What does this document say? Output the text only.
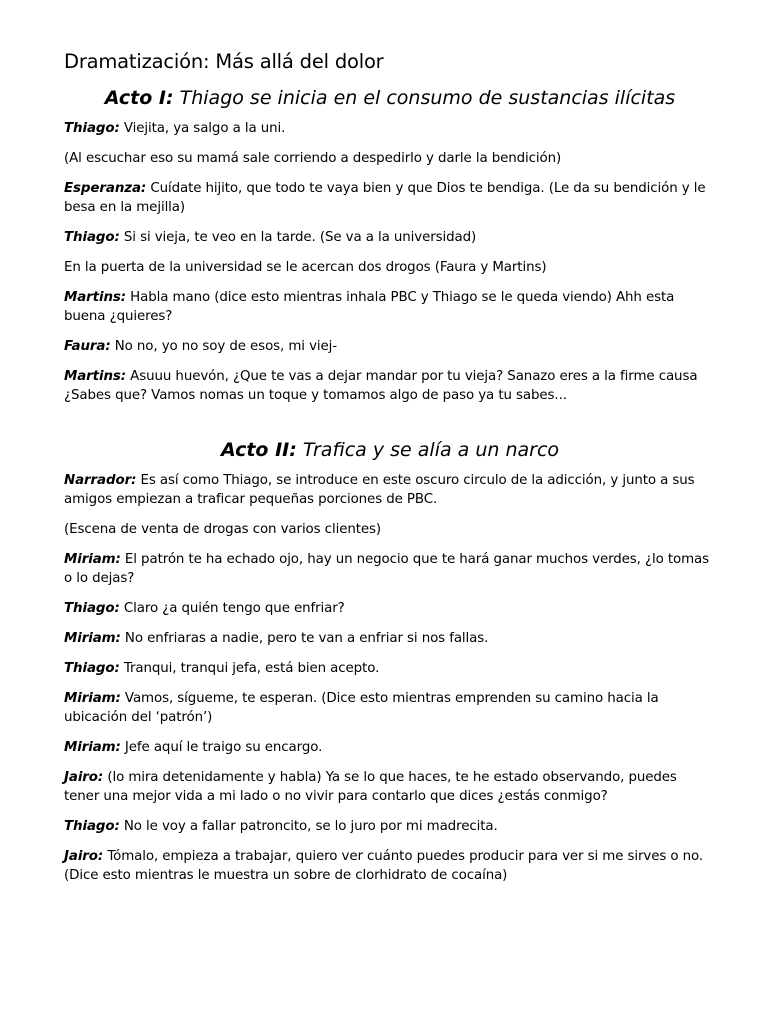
Dramatización: Más allá del dolor
Acto I: Thiago se inicia en el consumo de sustancias ilícitas

Thiago: Viejita, ya salgo a la uni.

(Al escuchar eso su mamá sale corriendo a despedirlo y darle la bendición)

Esperanza: Cuídate hijito, que todo te vaya bien y que Dios te bendiga. (Le da su bendición y le besa en la mejilla)

Thiago: Si si vieja, te veo en la tarde. (Se va a la universidad)

En la puerta de la universidad se le acercan dos drogos (Faura y Martins)

Martins: Habla mano (dice esto mientras inhala PBC y Thiago se le queda viendo) Ahh esta buena ¿quieres?

Faura: No no, yo no soy de esos, mi viej-

Martins: Asuuu huevón, ¿Que te vas a dejar mandar por tu vieja? Sanazo eres a la firme causa ¿Sabes que? Vamos nomas un toque y tomamos algo de paso ya tu sabes...

Acto II: Trafica y se alía a un narco

Narrador: Es así como Thiago, se introduce en este oscuro circulo de la adicción, y junto a sus amigos empiezan a traficar pequeñas porciones de PBC.

(Escena de venta de drogas con varios clientes)

Miriam: El patrón te ha echado ojo, hay un negocio que te hará ganar muchos verdes, ¿lo tomas o lo dejas?

Thiago: Claro ¿a quién tengo que enfriar?

Miriam: No enfriaras a nadie, pero te van a enfriar si nos fallas.

Thiago: Tranqui, tranqui jefa, está bien acepto.

Miriam: Vamos, sígueme, te esperan. (Dice esto mientras emprenden su camino hacia la ubicación del ‘patrón’)

Miriam: Jefe aquí le traigo su encargo.

Jairo: (lo mira detenidamente y habla) Ya se lo que haces, te he estado observando, puedes tener una mejor vida a mi lado o no vivir para contarlo que dices ¿estás conmigo?

Thiago: No le voy a fallar patroncito, se lo juro por mi madrecita.

Jairo: Tómalo, empieza a trabajar, quiero ver cuánto puedes producir para ver si me sirves o no. (Dice esto mientras le muestra un sobre de clorhidrato de cocaína)
